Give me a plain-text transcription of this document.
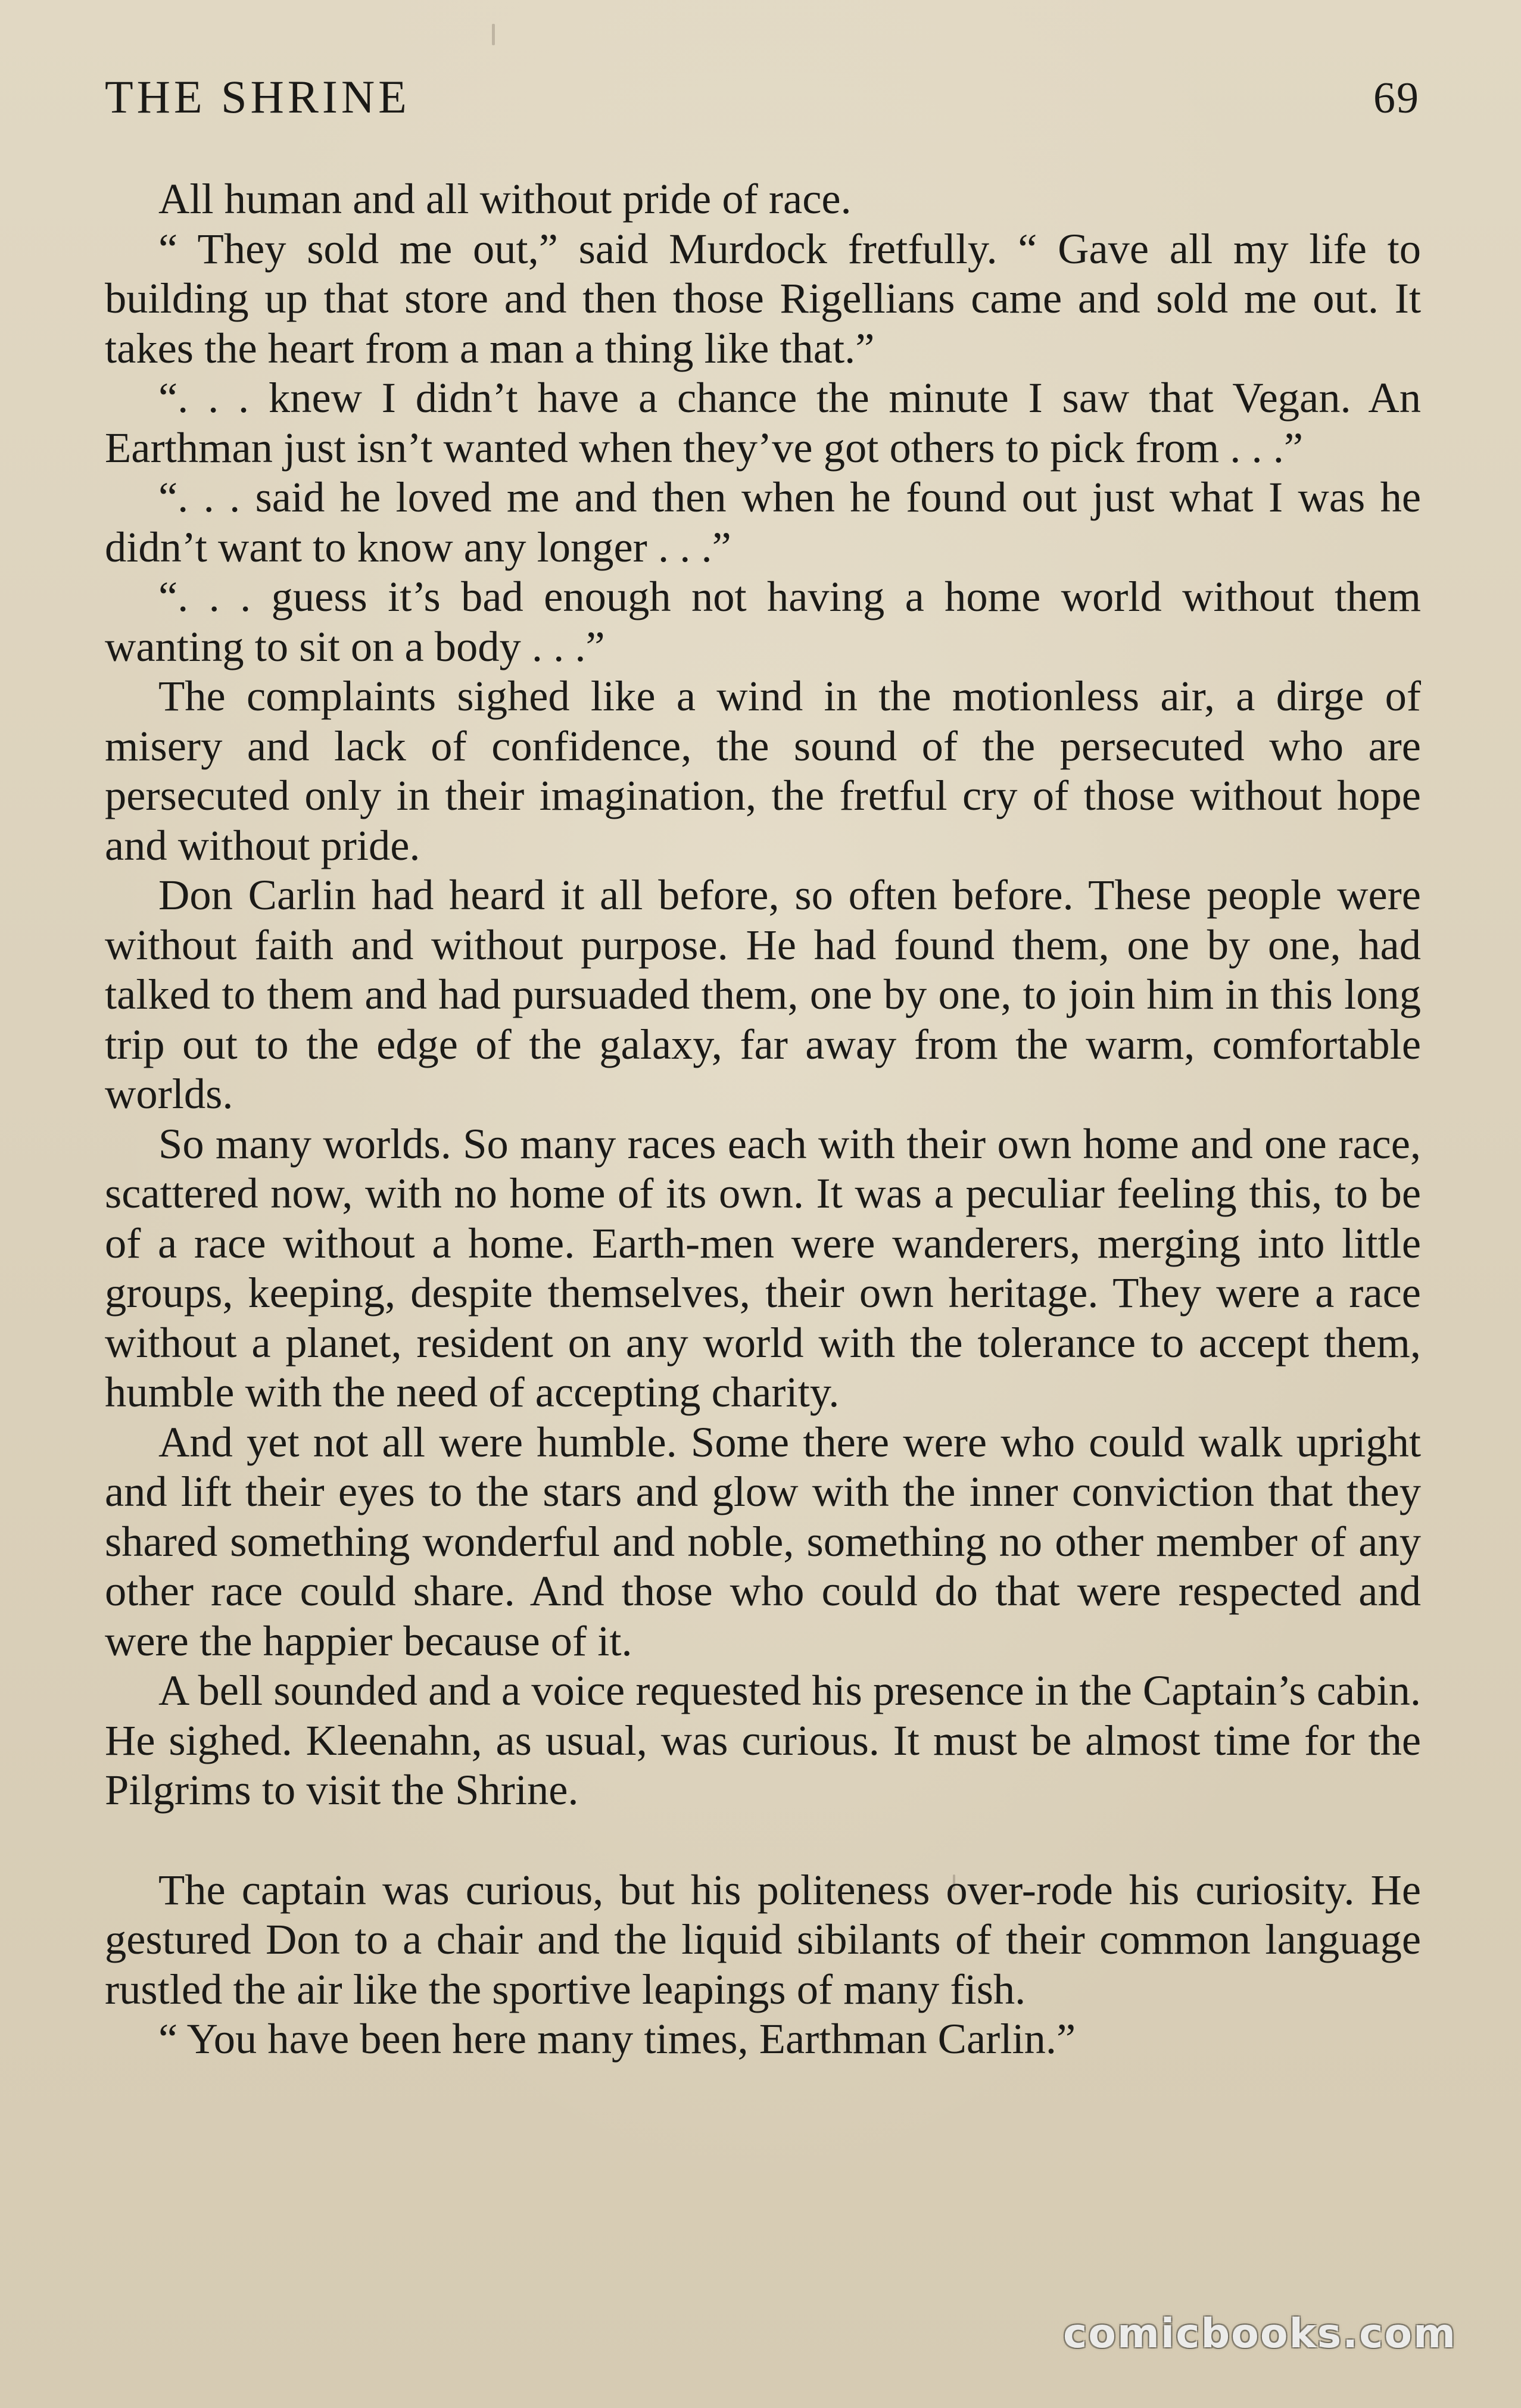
THE SHRINE	69

All human and all without pride of race.

“ They sold me out,” said Murdock fretfully. “ Gave all my life to building up that store and then those Rigellians came and sold me out. It takes the heart from a man a thing like that.”

“. . . knew I didn’t have a chance the minute I saw that Vegan. An Earthman just isn’t wanted when they’ve got others to pick from . . .”

“. . . said he loved me and then when he found out just what I was he didn’t want to know any longer . . .”

“. . . guess it’s bad enough not having a home world without them wanting to sit on a body . . .”

The complaints sighed like a wind in the motionless air, a dirge of misery and lack of confidence, the sound of the persecuted who are persecuted only in their imagination, the fretful cry of those without hope and without pride.

Don Carlin had heard it all before, so often before. These people were without faith and without purpose. He had found them, one by one, had talked to them and had pursuaded them, one by one, to join him in this long trip out to the edge of the galaxy, far away from the warm, comfortable worlds.

So many worlds. So many races each with their own home and one race, scattered now, with no home of its own. It was a peculiar feeling this, to be of a race without a home. Earth-men were wanderers, merging into little groups, keeping, despite themselves, their own heritage. They were a race without a planet, resident on any world with the tolerance to accept them, humble with the need of accepting charity.

And yet not all were humble. Some there were who could walk upright and lift their eyes to the stars and glow with the inner conviction that they shared something wonderful and noble, something no other member of any other race could share. And those who could do that were respected and were the happier because of it.

A bell sounded and a voice requested his presence in the Captain’s cabin. He sighed. Kleenahn, as usual, was curious. It must be almost time for the Pilgrims to visit the Shrine.

The captain was curious, but his politeness over-rode his curiosity. He gestured Don to a chair and the liquid sibilants of their common language rustled the air like the sportive leapings of many fish.

“ You have been here many times, Earthman Carlin.”

comicbooks.com
